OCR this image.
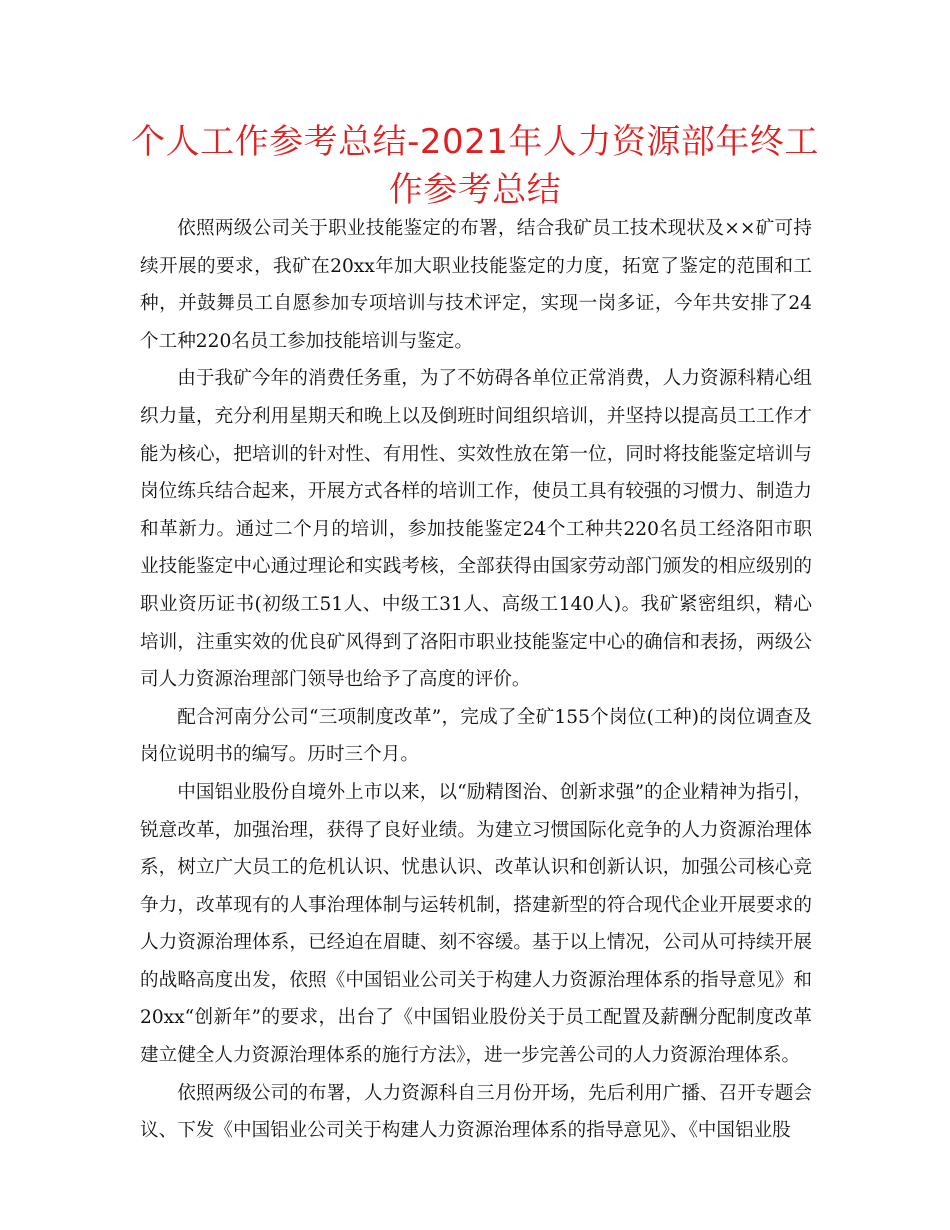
个人工作参考总结-2021年人力资源部年终工作参考总结

依照两级公司关于职业技能鉴定的布署，结合我矿员工技术现状及××矿可持续开展的要求，我矿在20xx年加大职业技能鉴定的力度，拓宽了鉴定的范围和工种，并鼓舞员工自愿参加专项培训与技术评定，实现一岗多证，今年共安排了24个工种220名员工参加技能培训与鉴定。

由于我矿今年的消费任务重，为了不妨碍各单位正常消费，人力资源科精心组织力量，充分利用星期天和晚上以及倒班时间组织培训，并坚持以提高员工工作才能为核心，把培训的针对性、有用性、实效性放在第一位，同时将技能鉴定培训与岗位练兵结合起来，开展方式各样的培训工作，使员工具有较强的习惯力、制造力和革新力。通过二个月的培训，参加技能鉴定24个工种共220名员工经洛阳市职业技能鉴定中心通过理论和实践考核，全部获得由国家劳动部门颁发的相应级别的职业资历证书(初级工51人、中级工31人、高级工140人)。我矿紧密组织，精心培训，注重实效的优良矿风得到了洛阳市职业技能鉴定中心的确信和表扬，两级公司人力资源治理部门领导也给予了高度的评价。

配合河南分公司“三项制度改革”，完成了全矿155个岗位(工种)的岗位调查及岗位说明书的编写。历时三个月。

中国铝业股份自境外上市以来，以“励精图治、创新求强”的企业精神为指引，锐意改革，加强治理，获得了良好业绩。为建立习惯国际化竞争的人力资源治理体系，树立广大员工的危机认识、忧患认识、改革认识和创新认识，加强公司核心竞争力，改革现有的人事治理体制与运转机制，搭建新型的符合现代企业开展要求的人力资源治理体系，已经迫在眉睫、刻不容缓。基于以上情况，公司从可持续开展的战略高度出发，依照《中国铝业公司关于构建人力资源治理体系的指导意见》和20xx“创新年”的要求，出台了《中国铝业股份关于员工配置及薪酬分配制度改革建立健全人力资源治理体系的施行方法》，进一步完善公司的人力资源治理体系。

依照两级公司的布署，人力资源科自三月份开场，先后利用广播、召开专题会议、下发《中国铝业公司关于构建人力资源治理体系的指导意见》、《中国铝业股
